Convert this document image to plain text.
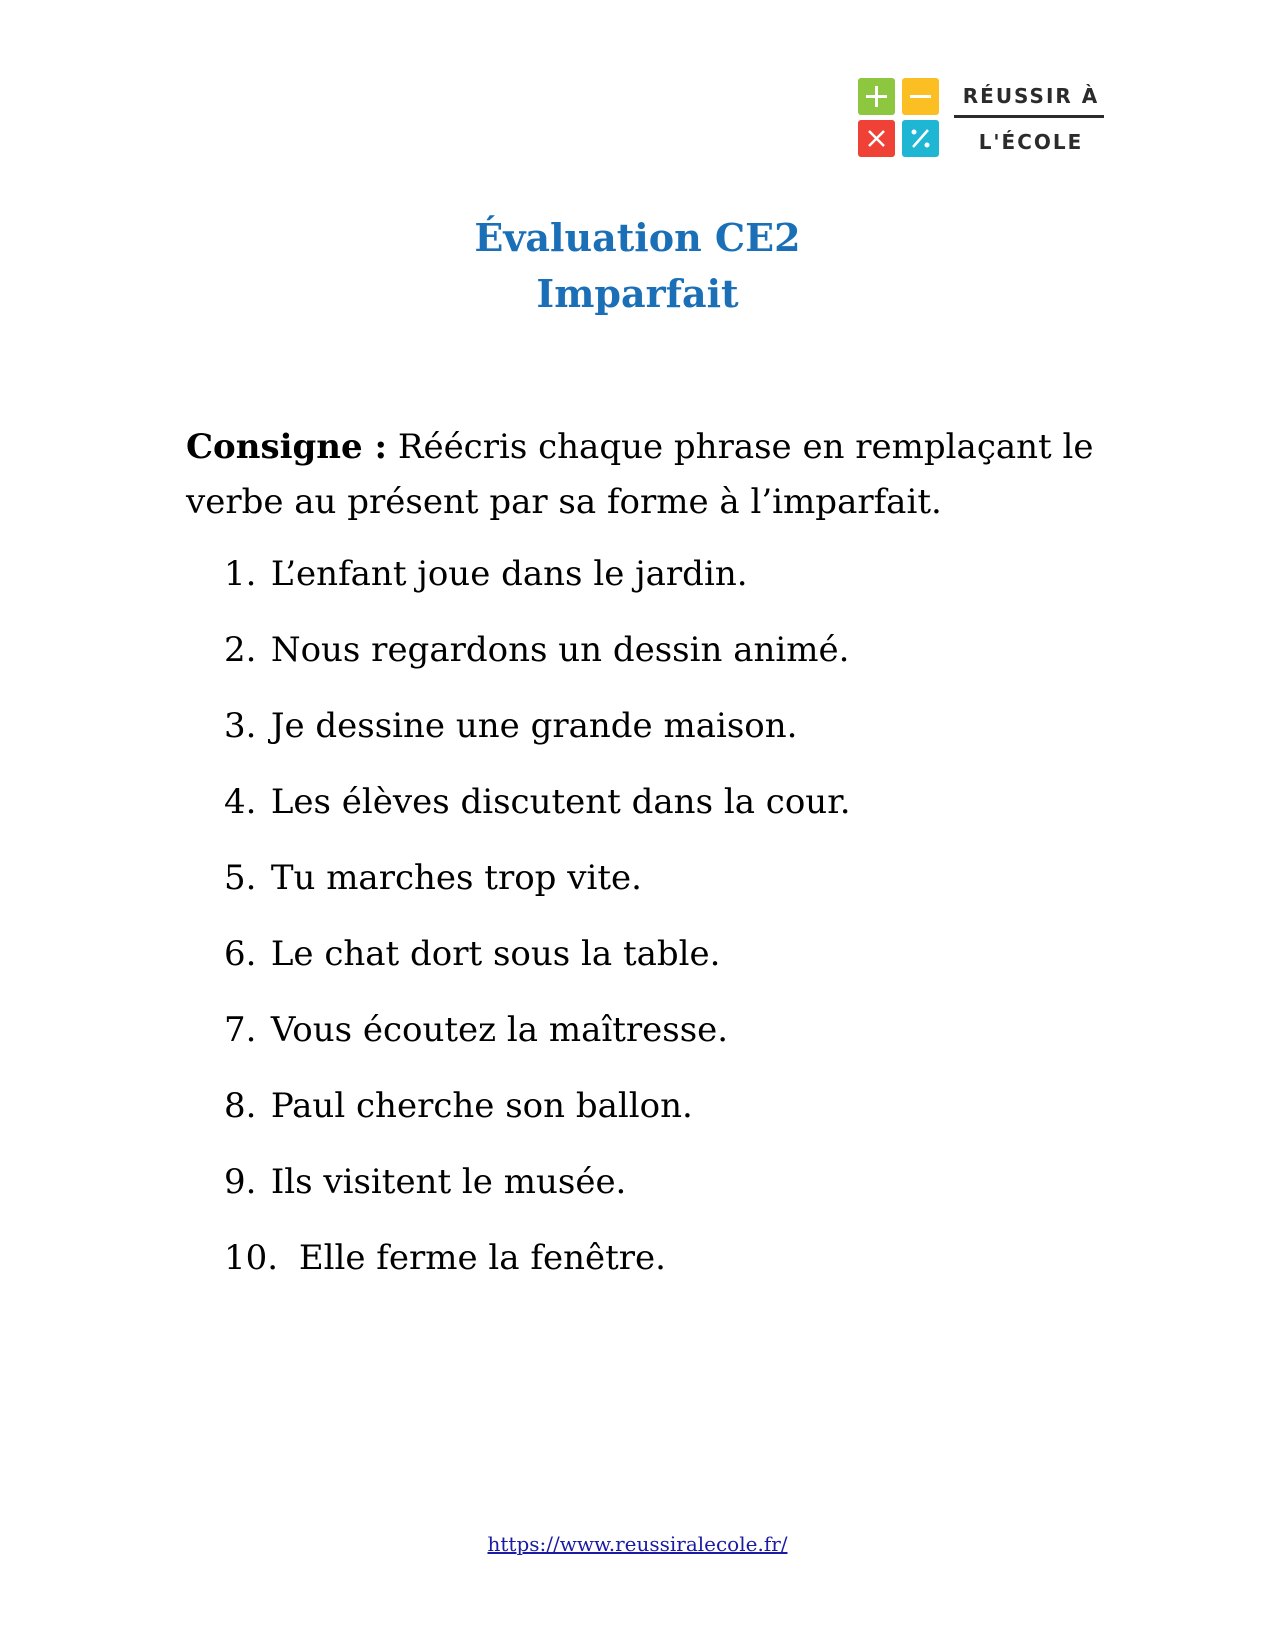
RÉUSSIR À
L'ÉCOLE
Évaluation CE2
Imparfait
Consigne : Réécris chaque phrase en remplaçant le verbe au présent par sa forme à l’imparfait.
1. L’enfant joue dans le jardin.
2. Nous regardons un dessin animé.
3. Je dessine une grande maison.
4. Les élèves discutent dans la cour.
5. Tu marches trop vite.
6. Le chat dort sous la table.
7. Vous écoutez la maîtresse.
8. Paul cherche son ballon.
9. Ils visitent le musée.
10. Elle ferme la fenêtre.
https://www.reussiralecole.fr/
